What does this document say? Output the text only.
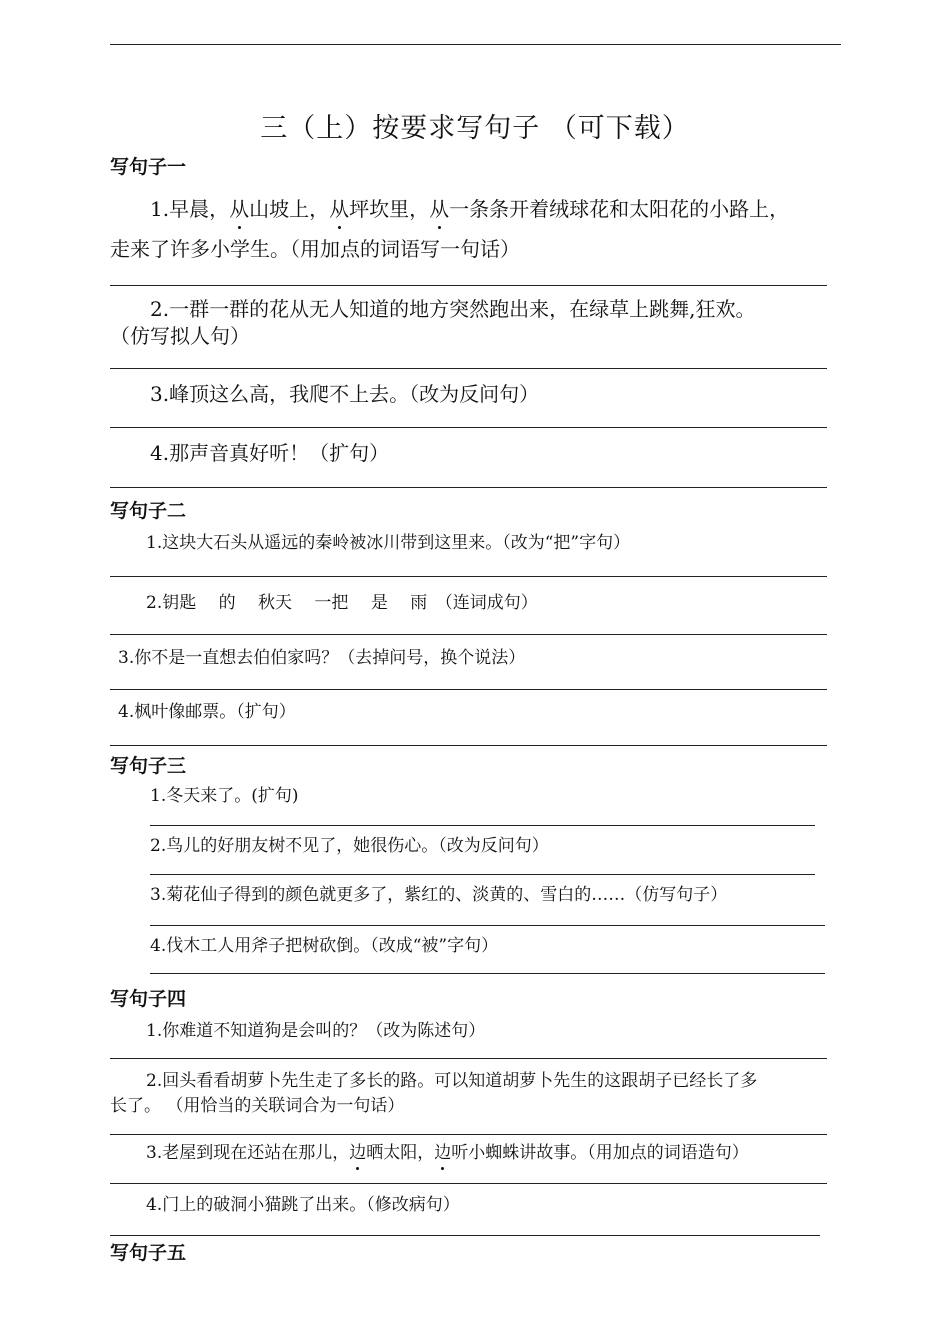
三（上）按要求写句子 （可下载）
写句子一
1.早晨，从山坡上，从坪坎里，从一条条开着绒球花和太阳花的小路上，
走来了许多小学生。（用加点的词语写一句话）
2.一群一群的花从无人知道的地方突然跑出来，在绿草上跳舞,狂欢。
（仿写拟人句）
3.峰顶这么高，我爬不上去。（改为反问句）
4.那声音真好听！（扩句）
写句子二
1.这块大石头从遥远的秦岭被冰川带到这里来。（改为“把”字句）
2.钥匙　 的　 秋天　 一把　 是　 雨　（连词成句）
3.你不是一直想去伯伯家吗？（去掉问号，换个说法）
4.枫叶像邮票。（扩句）
写句子三
1.冬天来了。(扩句)
2.鸟儿的好朋友树不见了，她很伤心。（改为反问句）
3.菊花仙子得到的颜色就更多了，紫红的、淡黄的、雪白的……（仿写句子）
4.伐木工人用斧子把树砍倒。（改成“被”字句）
写句子四
1.你难道不知道狗是会叫的？（改为陈述句）
2.回头看看胡萝卜先生走了多长的路。可以知道胡萝卜先生的这跟胡子已经长了多
长了。 （用恰当的关联词合为一句话）
3.老屋到现在还站在那儿，边晒太阳，边听小蜘蛛讲故事。（用加点的词语造句）
4.门上的破洞小猫跳了出来。（修改病句）
写句子五
